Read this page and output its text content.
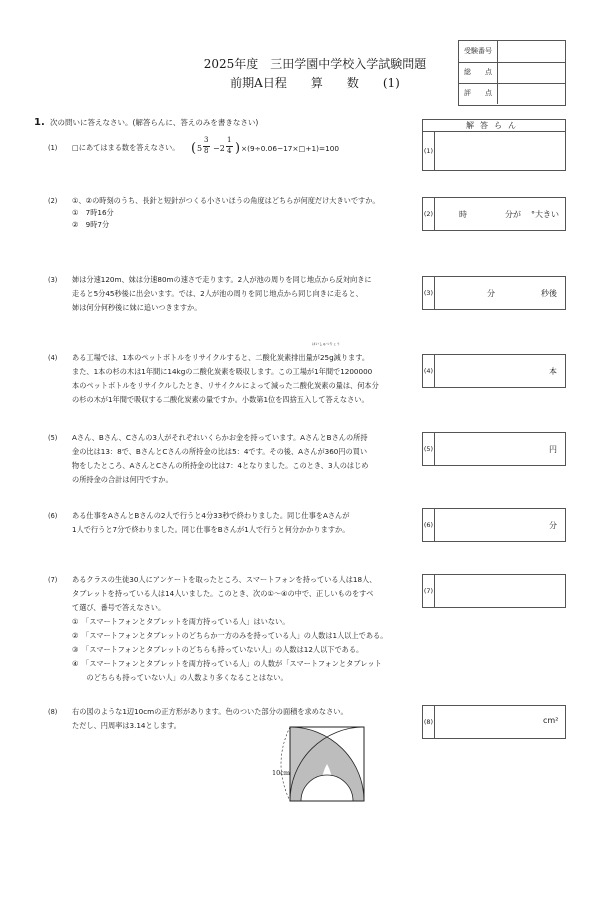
2025年度　三田学園中学校入学試験問題
前期A日程　　算　　数　　(1)
受験番号
総　　点
評　　点
1. 次の問いに答えなさい。(解答らんに、答えのみを書きなさい)	解答らん
(1) □にあてはまる数を答えなさい。 ( 5
3
8 −2
1
4 ) ×(9÷0.06−17×□+1)=100	(1)
(2) ①、②の時刻のうち、長針と短針がつくる小さいほうの角度はどちらが何度だけ大きいですか。
①　7時16分
②　9時7分
(2)	時	分が °大きい
(3) 姉は分速120m、妹は分速80mの速さで走ります。2人が池の周りを同じ地点から反対向きに
走ると5分45秒後に出会います。では、2人が池の周りを同じ地点から同じ向きに走ると、
姉は何分何秒後に妹に追いつきますか。
(3)	分	秒後
(4)
はいしゅつりょう
ある工場では、1本のペットボトルをリサイクルすると、二酸化炭素排出量が25g減ります。
また、1本の杉の木は1年間に14kgの二酸化炭素を吸収します。この工場が1年間で1200000
本のペットボトルをリサイクルしたとき、リサイクルによって減った二酸化炭素の量は、何本分
の杉の木が1年間で吸収する二酸化炭素の量ですか。小数第1位を四捨五入して答えなさい。
(4)	本
(5) Aさん、Bさん、Cさんの3人がそれぞれいくらかお金を持っています。AさんとBさんの所持
金の比は13：8で、BさんとCさんの所持金の比は5：4です。その後、Aさんが360円の買い
物をしたところ、AさんとCさんの所持金の比は7：4となりました。このとき、3人のはじめ
の所持金の合計は何円ですか。
(5)	円
(6) ある仕事をAさんとBさんの2人で行うと4分33秒で終わりました。同じ仕事をAさんが
1人で行うと7分で終わりました。同じ仕事をBさんが1人で行うと何分かかりますか。	(6)	分
(7) あるクラスの生徒30人にアンケートを取ったところ、スマートフォンを持っている人は18人、
タブレットを持っている人は14人いました。このとき、次の①～④の中で、正しいものをすべ
て選び、番号で答えなさい。
①　「スマートフォンとタブレットを両方持っている人」はいない。
②　「スマートフォンとタブレットのどちらか一方のみを持っている人」の人数は1人以上である。
③　「スマートフォンとタブレットのどちらも持っていない人」の人数は12人以下である。
④　「スマートフォンとタブレットを両方持っている人」の人数が「スマートフォンとタブレット
　　のどちらも持っていない人」の人数より多くなることはない。
(7)
(8) 右の図のような1辺10cmの正方形があります。色のついた部分の面積を求めなさい。
ただし、円周率は3.14とします。	(8)	cm²
10cm
